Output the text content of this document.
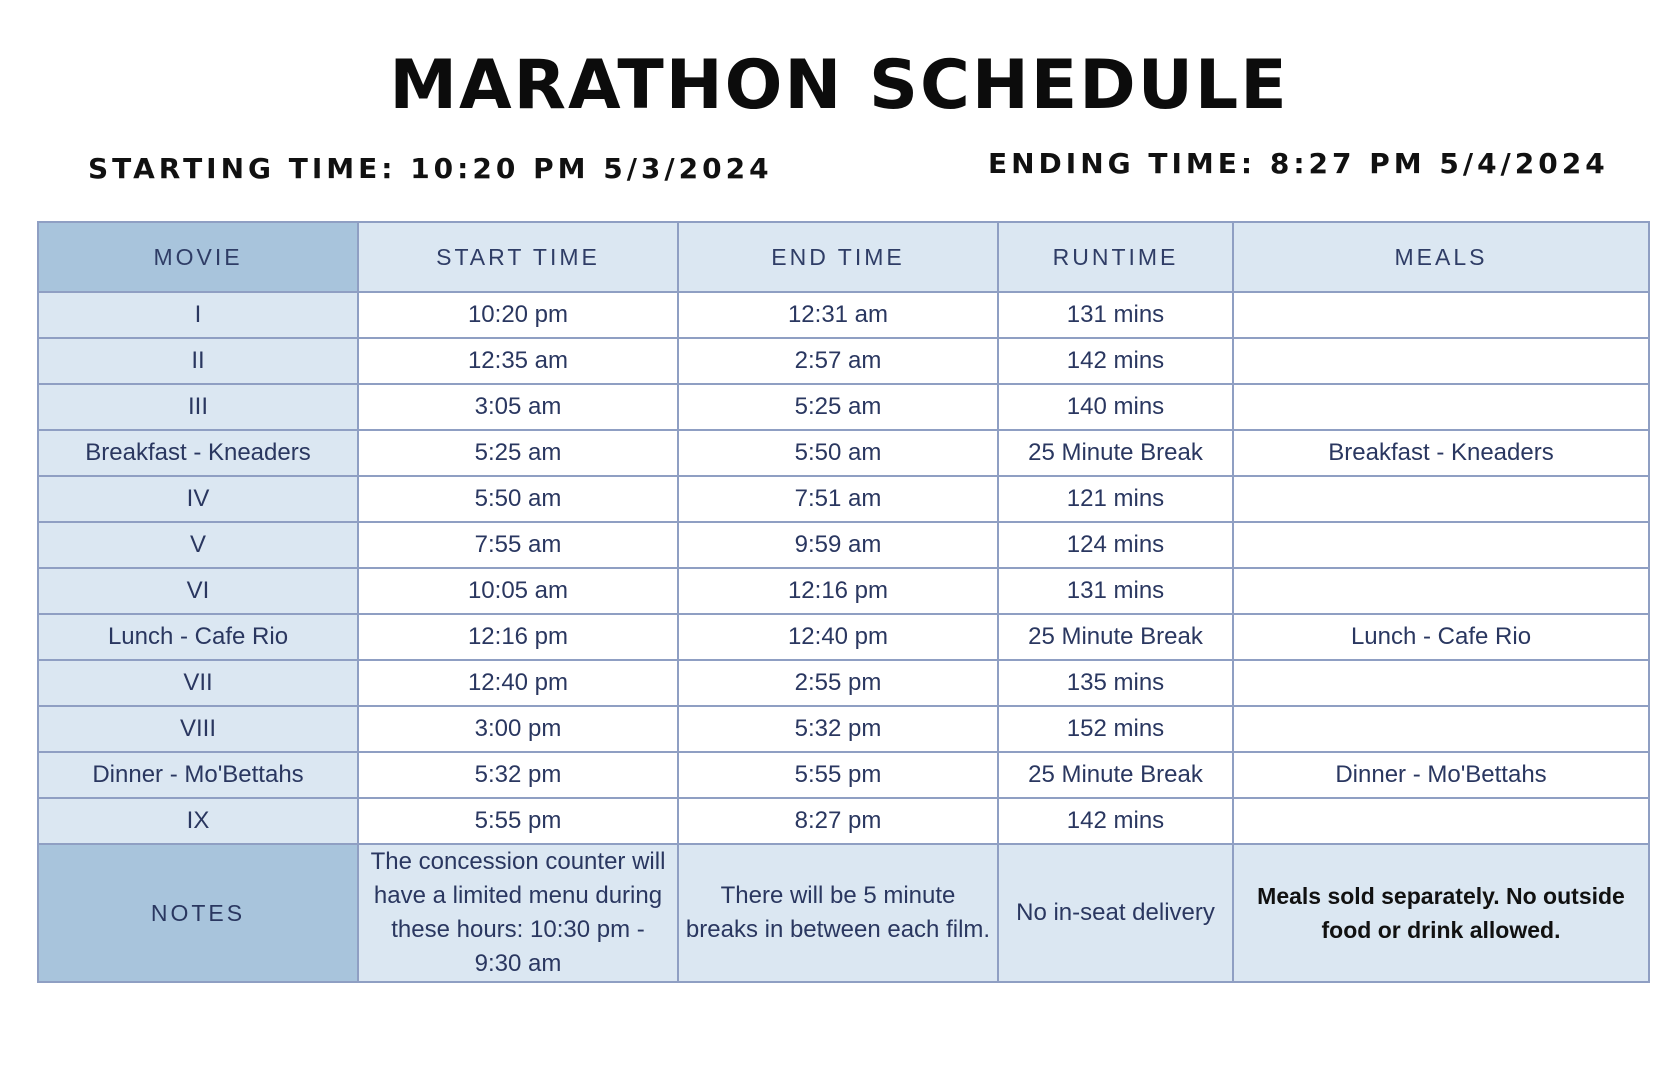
MARATHON SCHEDULE
STARTING TIME: 10:20 PM 5/3/2024	ENDING TIME: 8:27 PM 5/4/2024
MOVIE	START TIME	END TIME	RUNTIME	MEALS
I	10:20 pm	12:31 am	131 mins	
II	12:35 am	2:57 am	142 mins	
III	3:05 am	5:25 am	140 mins	
Breakfast - Kneaders	5:25 am	5:50 am	25 Minute Break	Breakfast - Kneaders
IV	5:50 am	7:51 am	121 mins	
V	7:55 am	9:59 am	124 mins	
VI	10:05 am	12:16 pm	131 mins	
Lunch - Cafe Rio	12:16 pm	12:40 pm	25 Minute Break	Lunch - Cafe Rio
VII	12:40 pm	2:55 pm	135 mins	
VIII	3:00 pm	5:32 pm	152 mins	
Dinner - Mo'Bettahs	5:32 pm	5:55 pm	25 Minute Break	Dinner - Mo'Bettahs
IX	5:55 pm	8:27 pm	142 mins	
NOTES	The concession counter will have a limited menu during these hours: 10:30 pm - 9:30 am	There will be 5 minute breaks in between each film.	No in-seat delivery	Meals sold separately. No outside food or drink allowed.
